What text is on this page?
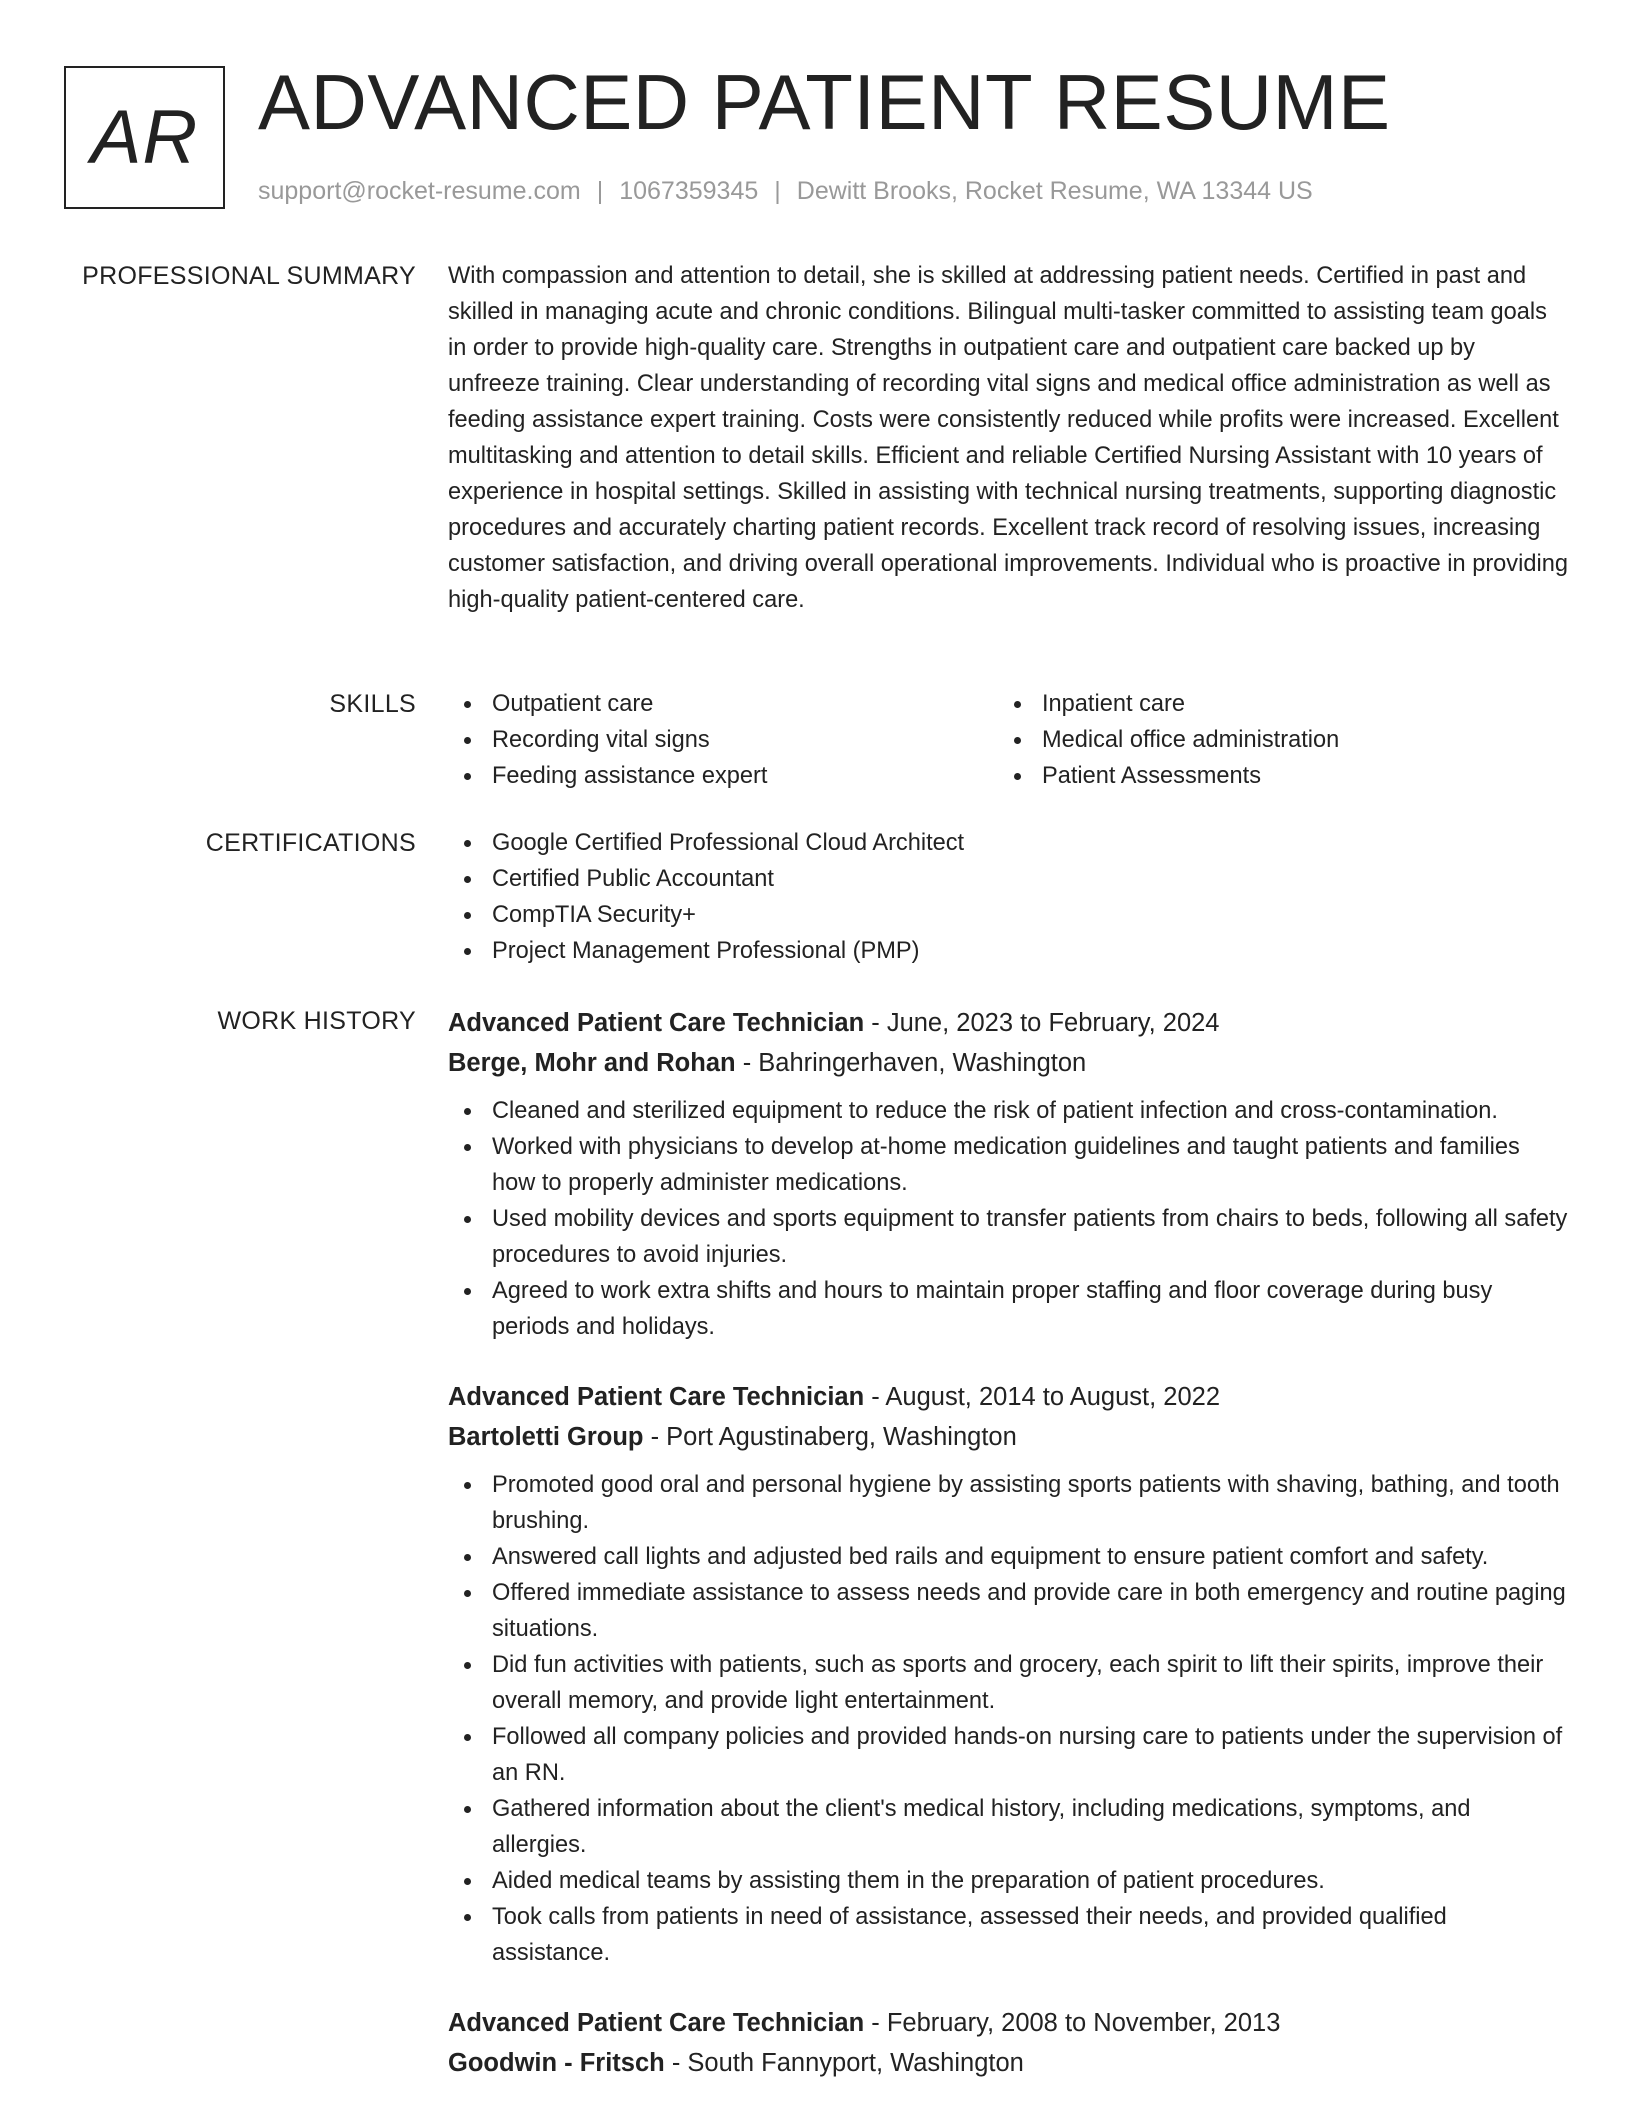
AR ADVANCED PATIENT RESUME
support@rocket-resume.com | 1067359345 | Dewitt Brooks, Rocket Resume, WA 13344 US
PROFESSIONAL SUMMARY With compassion and attention to detail, she is skilled at addressing patient needs. Certified in past and skilled in managing acute and chronic conditions. Bilingual multi-tasker committed to assisting team goals in order to provide high-quality care. Strengths in outpatient care and outpatient care backed up by unfreeze training. Clear understanding of recording vital signs and medical office administration as well as feeding assistance expert training. Costs were consistently reduced while profits were increased. Excellent multitasking and attention to detail skills. Efficient and reliable Certified Nursing Assistant with 10 years of experience in hospital settings. Skilled in assisting with technical nursing treatments, supporting diagnostic procedures and accurately charting patient records. Excellent track record of resolving issues, increasing customer satisfaction, and driving overall operational improvements. Individual who is proactive in providing high-quality patient-centered care.
SKILLS	Outpatient care
Recording vital signs
Feeding assistance expert
Inpatient care
Medical office administration
Patient Assessments
CERTIFICATIONS	Google Certified Professional Cloud Architect
Certified Public Accountant
CompTIA Security+
Project Management Professional (PMP)
WORK HISTORY Advanced Patient Care Technician - June, 2023 to February, 2024
Berge, Mohr and Rohan - Bahringerhaven, Washington
Cleaned and sterilized equipment to reduce the risk of patient infection and cross-contamination.
Worked with physicians to develop at-home medication guidelines and taught patients and families how to properly administer medications.
Used mobility devices and sports equipment to transfer patients from chairs to beds, following all safety procedures to avoid injuries.
Agreed to work extra shifts and hours to maintain proper staffing and floor coverage during busy periods and holidays.
Advanced Patient Care Technician - August, 2014 to August, 2022
Bartoletti Group - Port Agustinaberg, Washington
Promoted good oral and personal hygiene by assisting sports patients with shaving, bathing, and tooth brushing.
Answered call lights and adjusted bed rails and equipment to ensure patient comfort and safety.
Offered immediate assistance to assess needs and provide care in both emergency and routine paging situations.
Did fun activities with patients, such as sports and grocery, each spirit to lift their spirits, improve their overall memory, and provide light entertainment.
Followed all company policies and provided hands-on nursing care to patients under the supervision of an RN.
Gathered information about the client's medical history, including medications, symptoms, and allergies.
Aided medical teams by assisting them in the preparation of patient procedures.
Took calls from patients in need of assistance, assessed their needs, and provided qualified assistance.
Advanced Patient Care Technician - February, 2008 to November, 2013
Goodwin - Fritsch - South Fannyport, Washington
